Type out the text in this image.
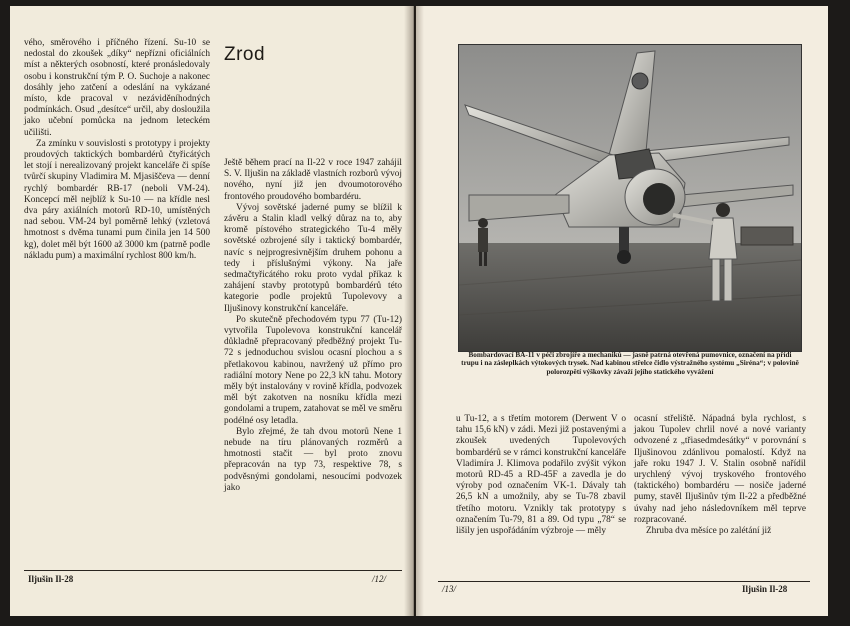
vého, směrového i příčného řízení. Su-10 se nedostal do zkoušek „díky“ nepřízni oficiálních míst a některých osobností, které pronásledovaly osobu i konstrukční tým P. O. Suchoje a nakonec dosáhly jeho zatčení a odeslání na vykázané místo, kde pracoval v nezáviděníhodných podmínkách. Osud „desítce“ určil, aby dosloužila jako učební pomůcka na jednom leteckém učilišti.

Za zmínku v souvislosti s prototypy i projekty proudových taktických bombardérů čtyřicátých let stojí i nerealizovaný projekt kanceláře či spíše tvůrčí skupiny Vladimira M. Mjasiščeva — denní rychlý bombardér RB-17 (neboli VM-24). Koncepcí měl nejblíž k Su-10 — na křídle nesl dva páry axiálních motorů RD-10, umístěných nad sebou. VM-24 byl poměrně lehký (vzletová hmotnost s dvěma tunami pum činila jen 14 500 kg), dolet měl být 1600 až 3000 km (patrně podle nákladu pum) a maximální rychlost 800 km/h.

Zrod

Ještě během prací na Il-22 v roce 1947 zahájil S. V. Iljušin na základě vlastních rozborů vývoj nového, nyní již jen dvoumotorového frontového proudového bombardéru.

Vývoj sovětské jaderné pumy se blížil k závěru a Stalin kladl velký důraz na to, aby kromě pístového strategického Tu-4 měly sovětské ozbrojené síly i taktický bombardér, navíc s nejprogresivnějším druhem pohonu a tedy i příslušnými výkony. Na jaře sedmačtyřicátého roku proto vydal příkaz k zahájení stavby prototypů bombardérů této kategorie podle projektů Tupolevovy a Iljušinovy konstrukční kanceláře.

Po skutečně přechodovém typu 77 (Tu-12) vytvořila Tupolevova konstrukční kancelář důkladně přepracovaný předběžný projekt Tu-72 s jednoduchou svislou ocasní plochou a s přetlakovou kabinou, navržený už přímo pro radiální motory Nene po 22,3 kN tahu. Motory měly být instalovány v rovině křídla, podvozek měl být zakotven na nosníku křídla mezi gondolami a trupem, zatahovat se měl ve směru podélné osy letadla.

Bylo zřejmé, že tah dvou motorů Nene 1 nebude na tíru plánovaných rozměrů a hmotnosti stačit — byl proto znovu přepracován na typ 73, respektive 78, s podvěsnými gondolami, nesoucími podvozek jako

Iljušin Il-28	/12/
Bombardovací BA-11 v péči zbrojíře a mechaniků — jasně patrná otevřená pumovnice, označení na přídi trupu i na zásleplkách výtokových trysek. Nad kabinou střelce čidlo výstražného systému „Siréna“; v polovině polorozpětí výškovky závaží jejího statického vyvážení

u Tu-12, a s třetím motorem (Derwent V o tahu 15,6 kN) v zádi. Mezi již postavenými a zkoušek uvedených Tupolevových bombardérů se v rámci konstrukční kanceláře Vladimíra J. Klimova podařilo zvýšit výkon motorů RD-45 a RD-45F a zavedla je do výroby pod označením VK-1. Dávaly tah 26,5 kN a umožnily, aby se Tu-78 zbavil třetího motoru. Vznikly tak prototypy s označením Tu-79, 81 a 89. Od typu „78“ se lišily jen uspořádáním výzbroje — měly

ocasní střeliště. Nápadná byla rychlost, s jakou Tupolev chrlil nové a nové varianty odvozené z „třiasedmdesátky“ v porovnání s Iljušinovou zdánlivou pomalostí. Když na jaře roku 1947 J. V. Stalin osobně nařídil urychlený vývoj tryskového frontového (taktického) bombardéru — nosiče jaderné pumy, stavěl Iljušinův tým Il-22 a předběžné úvahy nad jeho následovníkem měl teprve rozpracované.

Zhruba dva měsíce po zalétání již

/13/	Iljušin Il-28
